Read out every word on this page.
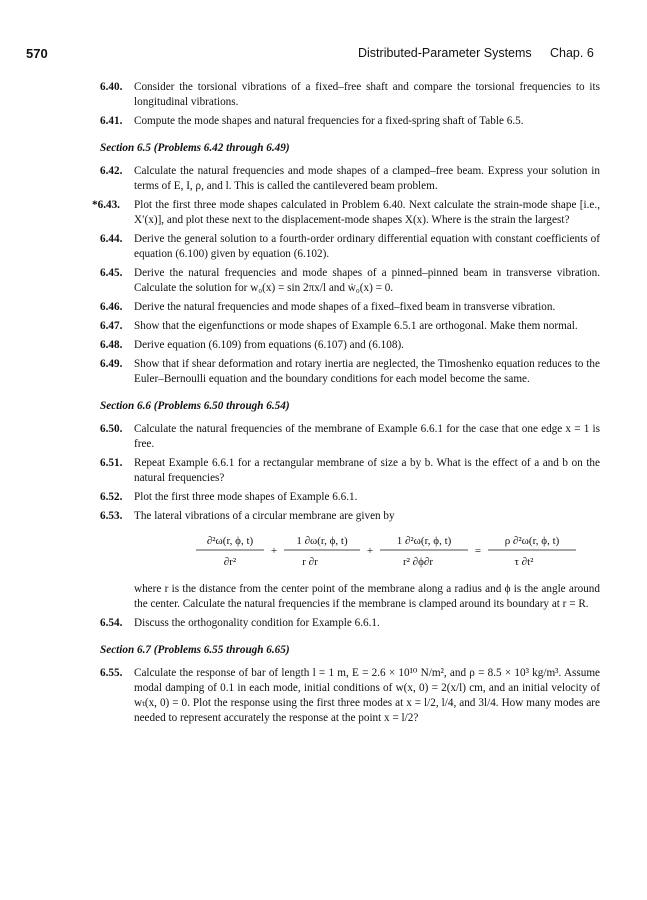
570	Distributed-Parameter Systems Chap. 6

6.40. Consider the torsional vibrations of a fixed–free shaft and compare the torsional frequencies to its longitudinal vibrations.

6.41. Compute the mode shapes and natural frequencies for a fixed-spring shaft of Table 6.5.

Section 6.5 (Problems 6.42 through 6.49)

6.42. Calculate the natural frequencies and mode shapes of a clamped–free beam. Express your solution in terms of E, I, ρ, and l. This is called the cantilevered beam problem.

*6.43. Plot the first three mode shapes calculated in Problem 6.40. Next calculate the strain-mode shape [i.e., X′(x)], and plot these next to the displacement-mode shapes X(x). Where is the strain the largest?

6.44. Derive the general solution to a fourth-order ordinary differential equation with constant coefficients of equation (6.100) given by equation (6.102).

6.45. Derive the natural frequencies and mode shapes of a pinned–pinned beam in transverse vibration. Calculate the solution for w₀(x) = sin 2πx/l and ẇ₀(x) = 0.

6.46. Derive the natural frequencies and mode shapes of a fixed–fixed beam in transverse vibration.

6.47. Show that the eigenfunctions or mode shapes of Example 6.5.1 are orthogonal. Make them normal.

6.48. Derive equation (6.109) from equations (6.107) and (6.108).

6.49. Show that if shear deformation and rotary inertia are neglected, the Timoshenko equation reduces to the Euler–Bernoulli equation and the boundary conditions for each model become the same.

Section 6.6 (Problems 6.50 through 6.54)

6.50. Calculate the natural frequencies of the membrane of Example 6.6.1 for the case that one edge x = 1 is free.

6.51. Repeat Example 6.6.1 for a rectangular membrane of size a by b. What is the effect of a and b on the natural frequencies?

6.52. Plot the first three mode shapes of Example 6.6.1.

6.53. The lateral vibrations of a circular membrane are given by

∂²ω(r, ϕ, t)
∂r²
+
1 ∂ω(r, ϕ, t)
r ∂r
+
1 ∂²ω(r, ϕ, t)
r² ∂ϕ∂r
=
ρ ∂²ω(r, ϕ, t)
τ ∂t²

where r is the distance from the center point of the membrane along a radius and ϕ is the angle around the center. Calculate the natural frequencies if the membrane is clamped around its boundary at r = R.

6.54. Discuss the orthogonality condition for Example 6.6.1.

Section 6.7 (Problems 6.55 through 6.65)

6.55. Calculate the response of bar of length l = 1 m, E = 2.6 × 10¹⁰ N/m², and ρ = 8.5 × 10³ kg/m³. Assume modal damping of 0.1 in each mode, initial conditions of w(x, 0) = 2(x/l) cm, and an initial velocity of wₜ(x, 0) = 0. Plot the response using the first three modes at x = l/2, l/4, and 3l/4. How many modes are needed to represent accurately the response at the point x = l/2?
